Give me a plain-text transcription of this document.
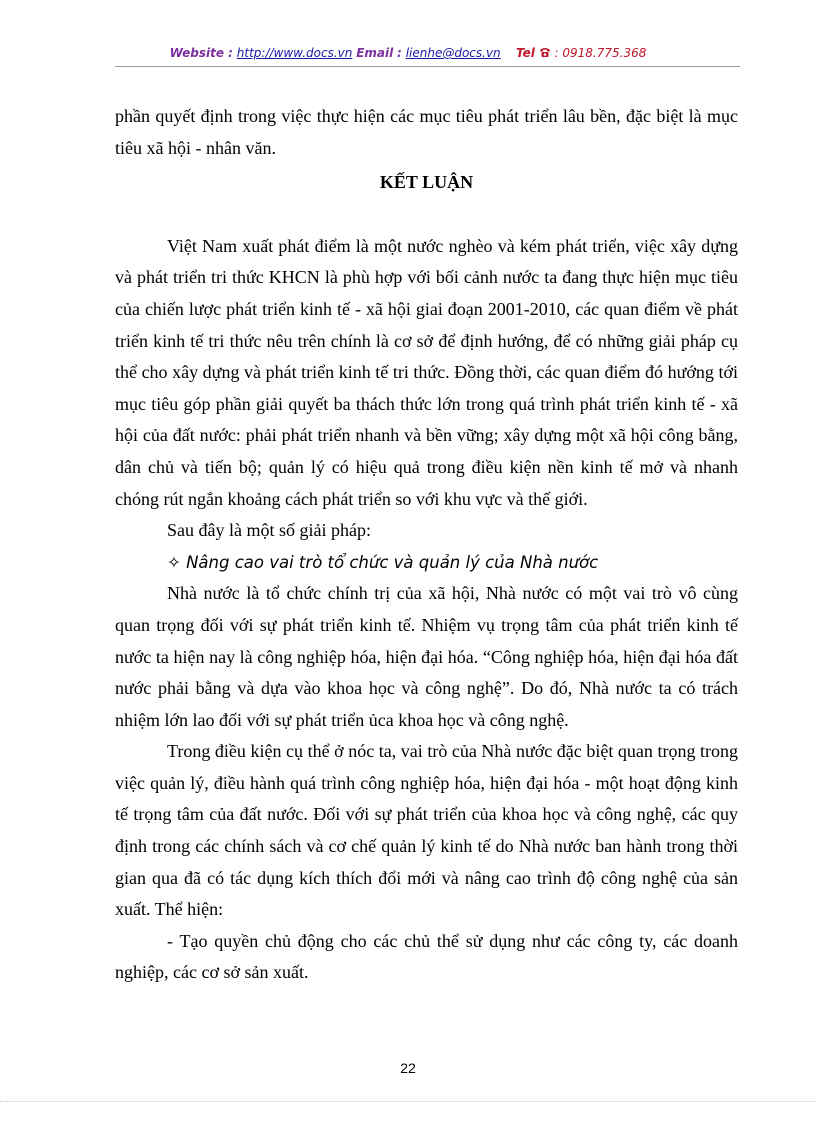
Website : http://www.docs.vn Email : lienhe@docs.vn Tel : 0918.775.368

phần quyết định trong việc thực hiện các mục tiêu phát triển lâu bền, đặc biệt là mục tiêu xã hội - nhân văn.

KẾT LUẬN

Việt Nam xuất phát điểm là một nước nghèo và kém phát triển, việc xây dựng và phát triển tri thức KHCN là phù hợp với bối cảnh nước ta đang thực hiện mục tiêu của chiến lược phát triển kinh tế - xã hội giai đoạn 2001-2010, các quan điểm về phát triển kinh tế tri thức nêu trên chính là cơ sở để định hướng, để có những giải pháp cụ thể cho xây dựng và phát triển kinh tế tri thức. Đồng thời, các quan điểm đó hướng tới mục tiêu góp phần giải quyết ba thách thức lớn trong quá trình phát triển kinh tế - xã hội của đất nước: phải phát triển nhanh và bền vững; xây dựng một xã hội công bằng, dân chủ và tiến bộ; quản lý có hiệu quả trong điều kiện nền kinh tế mở và nhanh chóng rút ngắn khoảng cách phát triển so với khu vực và thế giới.

Sau đây là một số giải pháp:

✧ Nâng cao vai trò tổ chức và quản lý của Nhà nước

Nhà nước là tổ chức chính trị của xã hội, Nhà nước có một vai trò vô cùng quan trọng đối với sự phát triển kinh tế. Nhiệm vụ trọng tâm của phát triển kinh tế nước ta hiện nay là công nghiệp hóa, hiện đại hóa. “Công nghiệp hóa, hiện đại hóa đất nước phải bằng và dựa vào khoa học và công nghệ”. Do đó, Nhà nước ta có trách nhiệm lớn lao đối với sự phát triển ủca khoa học và công nghệ.

Trong điều kiện cụ thể ở nóc ta, vai trò của Nhà nước đặc biệt quan trọng trong việc quản lý, điều hành quá trình công nghiệp hóa, hiện đại hóa - một hoạt động kinh tế trọng tâm của đất nước. Đối với sự phát triển của khoa học và công nghệ, các quy định trong các chính sách và cơ chế quản lý kinh tế do Nhà nước ban hành trong thời gian qua đã có tác dụng kích thích đổi mới và nâng cao trình độ công nghệ của sản xuất. Thể hiện:

- Tạo quyền chủ động cho các chủ thể sử dụng như các công ty, các doanh nghiệp, các cơ sở sản xuất.

22
